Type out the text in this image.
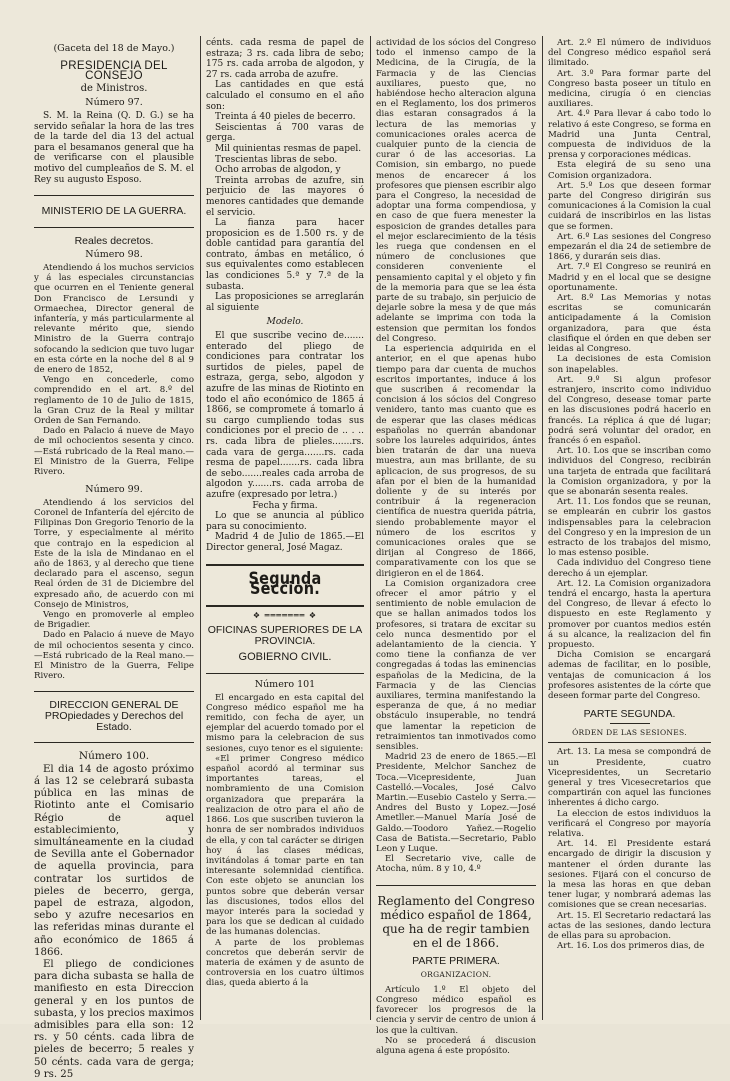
(Gaceta del 18 de Mayo.)
PRESIDENCIA DEL CONSEJO
de Ministros.
Número 97.

S. M. la Reina (Q. D. G.) se ha servido señalar la hora de las tres de la tarde del dia 13 del actual para el besamanos general que ha de verificarse con el plausible motivo del cumpleaños de S. M. el Rey su augusto Esposo.

MINISTERIO DE LA GUERRA.
Reales decretos.
Número 98.

Atendiendo á los muchos servicios y á las especiales circunstancias que ocurren en el Teniente general Don Francisco de Lersundi y Ormaechea, Director general de infantería, y más particularmente al relevante mérito que, siendo Ministro de la Guerra contrajo sofocando la sedicion que tuvo lugar en esta córte en la noche del 8 al 9 de enero de 1852,

Vengo en concederle, como comprendido en el art. 8.º del reglamento de 10 de Julio de 1815, la Gran Cruz de la Real y militar Orden de San Fernando.

Dado en Palacio á nueve de Mayo de mil ochocientos sesenta y cinco.—Está rubricado de la Real mano.—El Ministro de la Guerra, Felipe Rivero.

Número 99.

Atendiendo á los servicios del Coronel de Infantería del ejército de Filipinas Don Gregorio Tenorio de la Torre, y especialmente al mérito que contrajo en la espedicion al Este de la isla de Mindanao en el año de 1863, y al derecho que tiene declarado para el ascenso, segun Real órden de 31 de Diciembre del expresado año, de acuerdo con mi Consejo de Ministros,

Vengo en promoverle al empleo de Brigadier.

Dado en Palacio á nueve de Mayo de mil ochocientos sesenta y cinco.—Está rubricado de la Real mano.—El Ministro de la Guerra, Felipe Rivero.

DIRECCION GENERAL DE PROpiedades y Derechos del Estado.
Número 100.

El dia 14 de agosto próximo á las 12 se celebrará subasta pública en las minas de Riotinto ante el Comisario Régio de aquel establecimiento, y simultáneamente en la ciudad de Sevilla ante el Gobernador de aquella provincia, para contratar los surtidos de pieles de becerro, gerga, papel de estraza, algodon, sebo y azufre necesarios en las referidas minas durante el año económico de 1865 á 1866.

El pliego de condiciones para dicha subasta se halla de manifiesto en esta Direccion general y en los puntos de subasta, y los precios maximos admisibles para ella son: 12 rs. y 50 cénts. cada libra de pieles de becerro; 5 reales y 50 cénts. cada vara de gerga; 9 rs. 25

cénts. cada resma de papel de estraza; 3 rs. cada libra de sebo; 175 rs. cada arroba de algodon, y 27 rs. cada arroba de azufre.

Las cantidades en que está calculado el consumo en el año son:

Treinta á 40 pieles de becerro.

Seiscientas á 700 varas de gerga.

Mil quinientas resmas de papel.

Trescientas libras de sebo.

Ocho arrobas de algodon, y

Treinta arrobas de azufre, sin perjuicio de las mayores ó menores cantidades que demande el servicio.

La fianza para hacer proposicion es de 1.500 rs. y de doble cantidad para garantía del contrato, ámbas en metálico, ó sus equivalentes como establecen las condiciones 5.ª y 7.ª de la subasta.

Las proposiciones se arreglarán al siguiente

Modelo.

El que suscribe vecino de....... enterado del pliego de condiciones para contratar los surtidos de pieles, papel de estraza, gerga, sebo, algodon y azufre de las minas de Riotinto en todo el año económico de 1865 á 1866, se compromete á tomarlo á su cargo cumpliendo todas sus condiciones por el precio de .. . .. rs. cada libra de plieles.......rs. cada vara de gerga.......rs. cada resma de papel.......rs. cada libra de sebo.......reales cada arroba de algodon y.......rs. cada arroba de azufre (expresado por letra.)

Fecha y firma.

Lo que se anuncia al público para su conocimiento.

Madrid 4 de Julio de 1865.—El Director general, José Magaz.

Segunda Seccion.
❖ ═══════ ❖
OFICINAS SUPERIORES DE LA PROVINCIA.
GOBIERNO CIVIL.
Número 101

El encargado en esta capital del Congreso médico español me ha remitido, con fecha de ayer, un ejemplar del acuerdo tomado por el mismo para la celebracion de sus sesiones, cuyo tenor es el siguiente:

«El primer Congreso médico español acordó al terminar sus importantes tareas, el nombramiento de una Comision organizadora que preparára la realizacion de otro para el año de 1866. Los que suscriben tuvieron la honra de ser nombrados individuos de ella, y con tal carácter se dirigen hoy á las clases médicas, invitándolas á tomar parte en tan interesante solemnidad científica. Con este objeto se anuncian los puntos sobre que deberán versar las discusiones, todos ellos del mayor interés para la sociedad y para los que se dedican al cuidado de las humanas dolencias.

A parte de los problemas concretos que deberán servir de materia de exámen y de asunto de controversia en los cuatro últimos dias, queda abierto á la

actividad de los sócios del Congreso todo el inmenso campo de la Medicina, de la Cirugía, de la Farmacia y de las Ciencias auxiliares, puesto que, no habiéndose hecho alteracion alguna en el Reglamento, los dos primeros dias estaran consagrados á la lectura de las memorias y comunicaciones orales acerca de cualquier punto de la ciencia de curar ó de las accesorias. La Comision, sin embargo, no puede menos de encarecer á los profesores que piensen escribir algo para el Congreso, la necesidad de adoptar una forma compendiosa, y en caso de que fuera menester la esposicion de grandes detalles para el mejor esclarecimiento de la tésis les ruega que condensen en el número de conclusiones que consideren conveniente el pensamiento capital y el objeto y fin de la memoria para que se lea ésta parte de su trabajo, sin perjuicio de dejarle sobre la mesa y de que más adelante se imprima con toda la estension que permitan los fondos del Congreso.

La esperiencia adquirida en el anterior, en el que apenas hubo tiempo para dar cuenta de muchos escritos importantes, induce á los que suscriben á recomendar la concision á los sócios del Congreso venidero, tanto mas cuanto que es de esperar que las clases médicas españolas no querrán abandonar sobre los laureles adquiridos, ántes bien tratarán de dar una nueva muestra, aun mas brillante, de su aplicacion, de sus progresos, de su afan por el bien de la humanidad doliente y de su interés por contribuir á la regeneracion científica de nuestra querida pátria, siendo probablemente mayor el número de los escritos y comunicaciones orales que se dirijan al Congreso de 1866, comparativamente con los que se dirigieron en el de 1864.

La Comision organizadora cree ofrecer el amor pátrio y el sentimiento de noble emulacion de que se hallan animados todos los profesores, si tratara de excitar su celo nunca desmentido por el adelantamiento de la ciencia. Y como tiene la confianza de ver congregadas á todas las eminencias españolas de la Medicina, de la Farmacia y de las Ciencias auxiliares, termina manifestando la esperanza de que, á no mediar obstáculo insuperable, no tendrá que lamentar la repeticion de retraimientos tan inmotivados como sensibles.

Madrid 23 de enero de 1865.—El Presidente, Melchor Sanchez de Toca.—Vicepresidente, Juan Castelló.—Vocales, José Calvo Martin.—Eusebio Castelo y Serra.—Andres del Busto y Lopez.—José Ametller.—Manuel María José de Galdo.—Toodoro Yañez.—Rogelio Casa de Batista.—Secretario, Pablo Leon y Luque.

El Secretario vive, calle de Atocha, núm. 8 y 10, 4.º

Reglamento del Congreso médico español de 1864, que ha de regir tambien en el de 1866.
PARTE PRIMERA.
ORGANIZACION.

Artículo 1.º El objeto del Congreso médico español es favorecer los progresos de la ciencia y servir de centro de union á los que la cultivan.

No se procederá á discusion alguna agena á este propósito.

Art. 2.º El número de individuos del Congreso médico español será ilimitado.

Art. 3.º Para formar parte del Congreso basta poseer un título en medicina, cirugía ó en ciencias auxiliares.

Art. 4.º Para llevar á cabo todo lo relativo á este Congreso, se forma en Madrid una Junta Central, compuesta de individuos de la prensa y corporaciones médicas.

Esta elegirá de su seno una Comision organizadora.

Art. 5.º Los que deseen formar parte del Congreso dirigirán sus comunicaciones á la Comision la cual cuidará de inscribirlos en las listas que se formen.

Art. 6.º Las sesiones del Congreso empezarán el dia 24 de setiembre de 1866, y durarán seis dias.

Art. 7.º El Congreso se reunirá en Madrid y en el local que se designe oportunamente.

Art. 8.º Las Memorias y notas escritas se comunicarán anticipadamente á la Comision organizadora, para que ésta clasifique el órden en que deben ser leidas al Congreso.

La decisiones de esta Comision son inapelables.

Art. 9.º Si algun profesor estranjero, inscrito como individuo del Congreso, desease tomar parte en las discusiones podrá hacerlo en francés. La réplica á que dé lugar; podrá será voluntar del orador, en francés ó en español.

Art. 10. Los que se inscriban como individuos del Congreso, recibirán una tarjeta de entrada que facilitará la Comision organizadora, y por la que se abonarán sesenta reales.

Art. 11. Los fondos que se reunan, se emplearán en cubrir los gastos indispensables para la celebracion del Congreso y en la impresion de un estracto de los trabajos del mismo, lo mas estenso posible.

Cada individuo del Congreso tiene derecho á un ejemplar.

Art. 12. La Comision organizadora tendrá el encargo, hasta la apertura del Congreso, de llevar á efecto lo dispuesto en este Reglamento y promover por cuantos medios estén á su alcance, la realizacion del fin propuesto.

Dicha Comision se encargará ademas de facilitar, en lo posible, ventajas de comunicacion á los profesores asistentes de la córte que deseen formar parte del Congreso.

PARTE SEGUNDA.
ÓRDEN DE LAS SESIONES.

Art. 13. La mesa se compondrá de un Presidente, cuatro Vicepresidentes, un Secretario general y tres Vicesecretarios que compartirán con aquel las funciones inherentes á dicho cargo.

La eleccion de estos individuos la verificará el Congreso por mayoría relativa.

Art. 14. El Presidente estará encargado de dirigir la discusion y mantener el órden durante las sesiones. Fijará con el concurso de la mesa las horas en que deban tener lugar, y nombrará ademas las comisiones que se crean necesarias.

Art. 15. El Secretario redactará las actas de las sesiones, dando lectura de ellas para su aprobacion.

Art. 16. Los dos primeros dias, de
